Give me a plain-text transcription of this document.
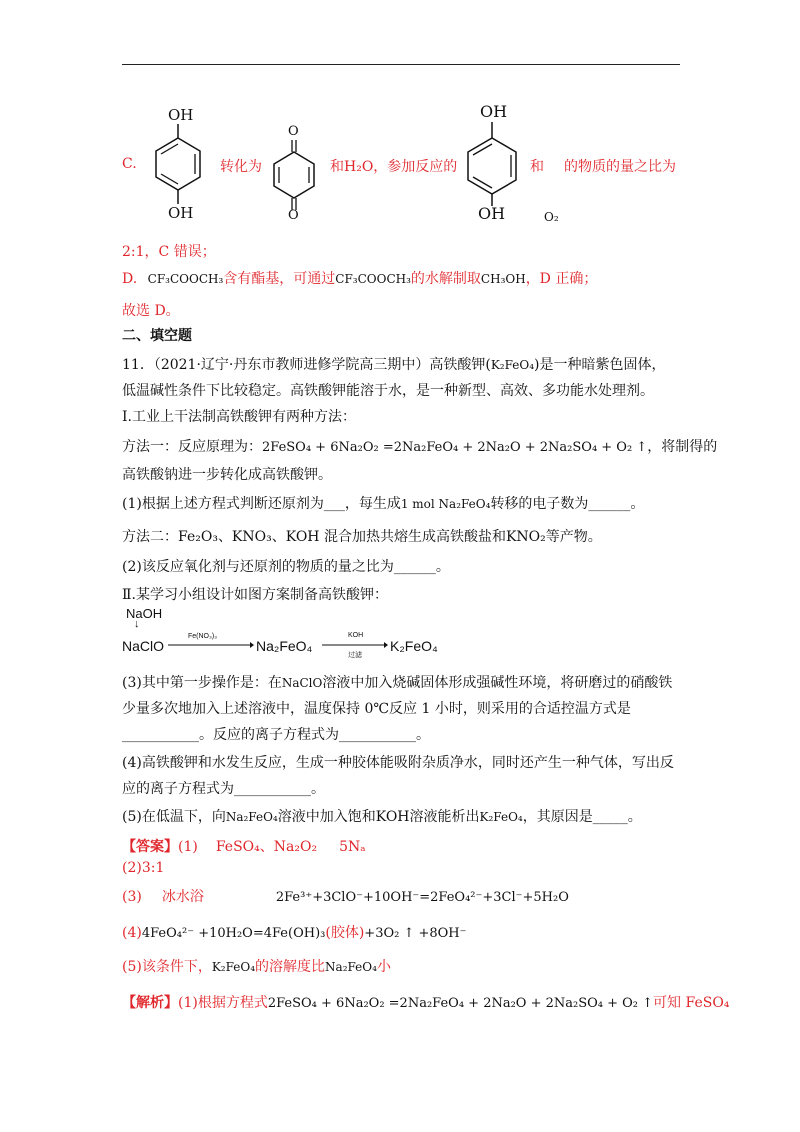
C.
OH
OH
转化为
O
O
和H₂O，参加反应的
OH
OH
和 的物质的量之比为
O₂
2:1，C 错误；
D. CF₃COOCH₃含有酯基，可通过CF₃COOCH₃的水解制取CH₃OH，D 正确；
故选 D。
二、填空题
11．（2021·辽宁·丹东市教师进修学院高三期中）高铁酸钾(K₂FeO₄)是一种暗紫色固体，
低温碱性条件下比较稳定。高铁酸钾能溶于水，是一种新型、高效、多功能水处理剂。
Ⅰ.工业上干法制高铁酸钾有两种方法：
方法一：反应原理为：2FeSO₄ + 6Na₂O₂ =2Na₂FeO₄ + 2Na₂O + 2Na₂SO₄ + O₂ ↑，将制得的
高铁酸钠进一步转化成高铁酸钾。
(1)根据上述方程式判断还原剂为___，每生成1 mol Na₂FeO₄转移的电子数为______。
方法二：Fe₂O₃、KNO₃、KOH 混合加热共熔生成高铁酸盐和KNO₂等产物。
(2)该反应氧化剂与还原剂的物质的量之比为______。
Ⅱ.某学习小组设计如图方案制备高铁酸钾：
NaOH
↓
NaClO
Fe(NO₃)₃
Na₂FeO₄
KOH
过滤
K₂FeO₄
(3)其中第一步操作是：在NaClO溶液中加入烧碱固体形成强碱性环境，将研磨过的硝酸铁
少量多次地加入上述溶液中，温度保持 0℃反应 1 小时，则采用的合适控温方式是
___________。反应的离子方程式为___________。
(4)高铁酸钾和水发生反应，生成一种胶体能吸附杂质净水，同时还产生一种气体，写出反
应的离子方程式为___________。
(5)在低温下，向Na₂FeO₄溶液中加入饱和KOH溶液能析出K₂FeO₄，其原因是_____。
【答案】(1) FeSO₄、Na₂O₂ 5Nₐ
(2)3:1
(3) 冰水浴	2Fe³⁺+3ClO⁻+10OH⁻=2FeO₄²⁻+3Cl⁻+5H₂O
(4)4FeO₄²⁻ +10H₂O=4Fe(OH)₃(胶体)+3O₂ ↑ +8OH⁻
(5)该条件下，K₂FeO₄的溶解度比Na₂FeO₄小
【解析】(1)根据方程式2FeSO₄ + 6Na₂O₂ =2Na₂FeO₄ + 2Na₂O + 2Na₂SO₄ + O₂ ↑可知 FeSO₄
